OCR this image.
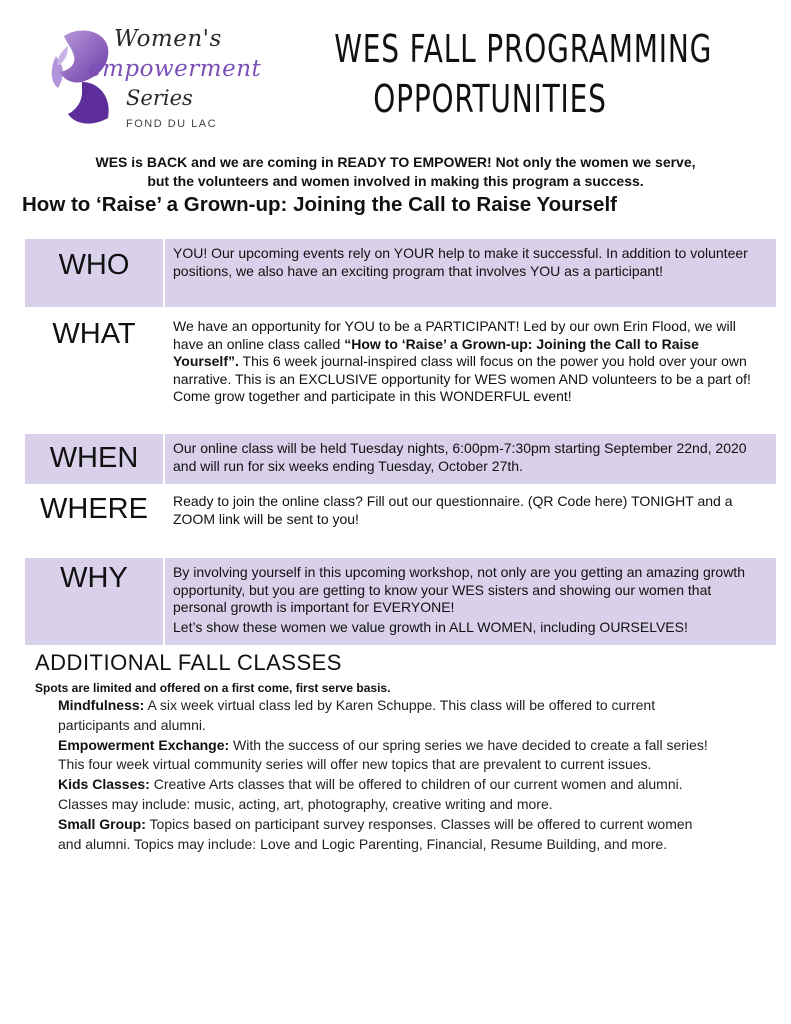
Women's
empowerment
Series
FOND DU LAC
WES FALL PROGRAMMING
OPPORTUNITIES
WES is BACK and we are coming in READY TO EMPOWER! Not only the women we serve,
but the volunteers and women involved in making this program a success.
How to ‘Raise’ a Grown-up: Joining the Call to Raise Yourself
WHO	YOU! Our upcoming events rely on YOUR help to make it successful. In addition to volunteer positions, we also have an exciting program that involves YOU as a participant!

WHAT	We have an opportunity for YOU to be a PARTICIPANT! Led by our own Erin Flood, we will have an online class called “How to ‘Raise’ a Grown-up: Joining the Call to Raise Yourself”. This 6 week journal-inspired class will focus on the power you hold over your own narrative. This is an EXCLUSIVE opportunity for WES women AND volunteers to be a part of! Come grow together and participate in this WONDERFUL event!

WHEN	Our online class will be held Tuesday nights, 6:00pm-7:30pm starting September 22nd, 2020 and will run for six weeks ending Tuesday, October 27th.

WHERE	Ready to join the online class? Fill out our questionnaire. (QR Code here) TONIGHT and a ZOOM link will be sent to you!

WHY	By involving yourself in this upcoming workshop, not only are you getting an amazing growth opportunity, but you are getting to know your WES sisters and showing our women that personal growth is important for EVERYONE!

Let’s show these women we value growth in ALL WOMEN, including OURSELVES!

ADDITIONAL FALL CLASSES
Spots are limited and offered on a first come, first serve basis.

Mindfulness: A six week virtual class led by Karen Schuppe. This class will be offered to current participants and alumni.

Empowerment Exchange: With the success of our spring series we have decided to create a fall series! This four week virtual community series will offer new topics that are prevalent to current issues.

Kids Classes: Creative Arts classes that will be offered to children of our current women and alumni. Classes may include: music, acting, art, photography, creative writing and more.

Small Group: Topics based on participant survey responses. Classes will be offered to current women and alumni. Topics may include: Love and Logic Parenting, Financial, Resume Building, and more.
